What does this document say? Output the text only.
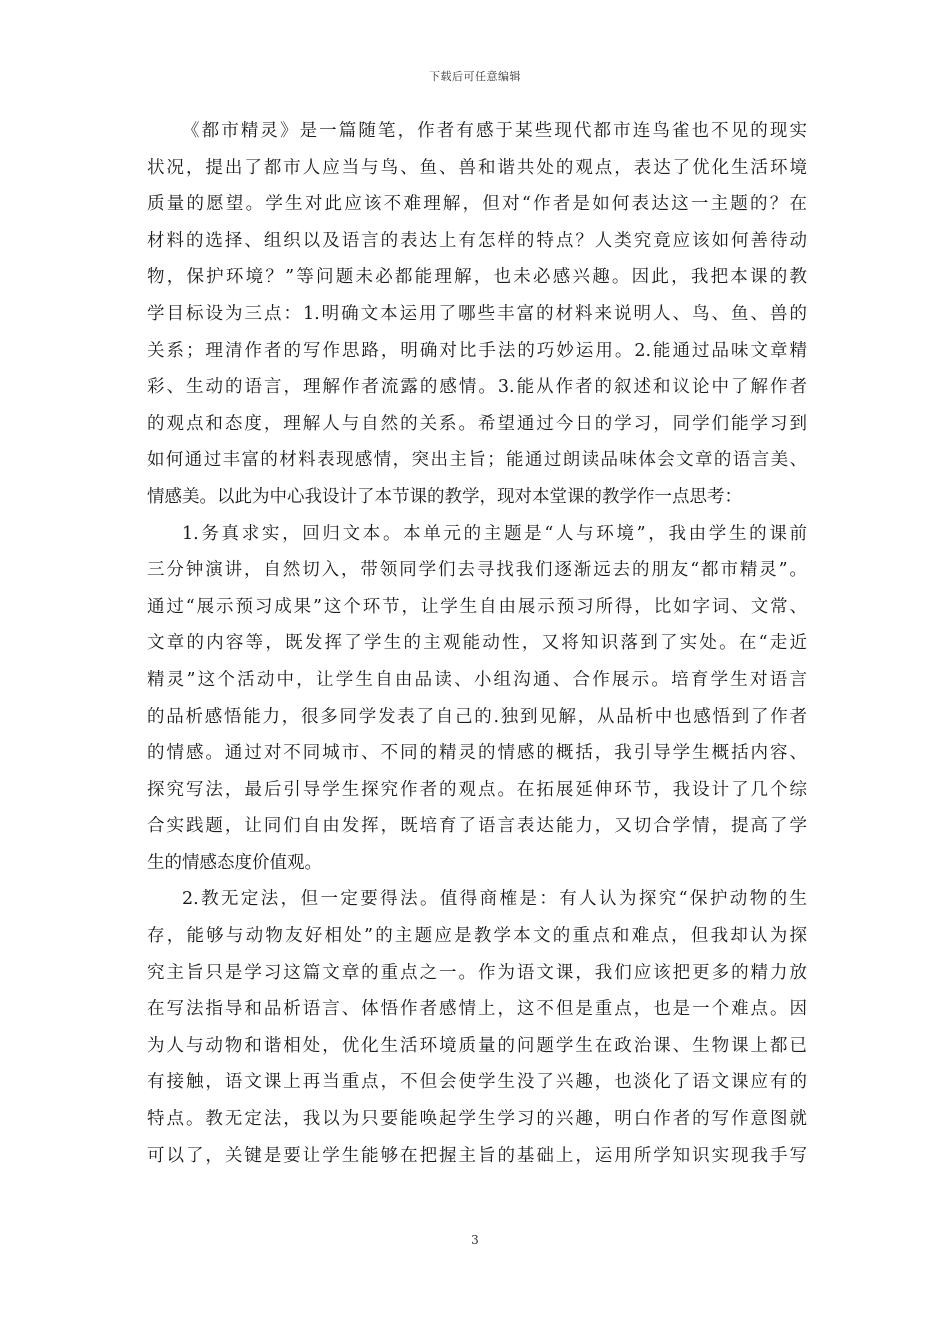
下载后可任意编辑
《都市精灵》是一篇随笔，作者有感于某些现代都市连鸟雀也不见的现实
状况，提出了都市人应当与鸟、鱼、兽和谐共处的观点，表达了优化生活环境
质量的愿望。学生对此应该不难理解，但对“作者是如何表达这一主题的？在
材料的选择、组织以及语言的表达上有怎样的特点？人类究竟应该如何善待动
物，保护环境？”等问题未必都能理解，也未必感兴趣。因此，我把本课的教
学目标设为三点：1.明确文本运用了哪些丰富的材料来说明人、鸟、鱼、兽的
关系；理清作者的写作思路，明确对比手法的巧妙运用。2.能通过品味文章精
彩、生动的语言，理解作者流露的感情。3.能从作者的叙述和议论中了解作者
的观点和态度，理解人与自然的关系。希望通过今日的学习，同学们能学习到
如何通过丰富的材料表现感情，突出主旨；能通过朗读品味体会文章的语言美、
情感美。以此为中心我设计了本节课的教学，现对本堂课的教学作一点思考：
1.务真求实，回归文本。本单元的主题是“人与环境”，我由学生的课前
三分钟演讲，自然切入，带领同学们去寻找我们逐渐远去的朋友“都市精灵”。
通过“展示预习成果”这个环节，让学生自由展示预习所得，比如字词、文常、
文章的内容等，既发挥了学生的主观能动性，又将知识落到了实处。在“走近
精灵”这个活动中，让学生自由品读、小组沟通、合作展示。培育学生对语言
的品析感悟能力，很多同学发表了自己的.独到见解，从品析中也感悟到了作者
的情感。通过对不同城市、不同的精灵的情感的概括，我引导学生概括内容、
探究写法，最后引导学生探究作者的观点。在拓展延伸环节，我设计了几个综
合实践题，让同们自由发挥，既培育了语言表达能力，又切合学情，提高了学
生的情感态度价值观。
2.教无定法，但一定要得法。值得商榷是：有人认为探究“保护动物的生
存，能够与动物友好相处”的主题应是教学本文的重点和难点，但我却认为探
究主旨只是学习这篇文章的重点之一。作为语文课，我们应该把更多的精力放
在写法指导和品析语言、体悟作者感情上，这不但是重点，也是一个难点。因
为人与动物和谐相处，优化生活环境质量的问题学生在政治课、生物课上都已
有接触，语文课上再当重点，不但会使学生没了兴趣，也淡化了语文课应有的
特点。教无定法，我以为只要能唤起学生学习的兴趣，明白作者的写作意图就
可以了，关键是要让学生能够在把握主旨的基础上，运用所学知识实现我手写
3
